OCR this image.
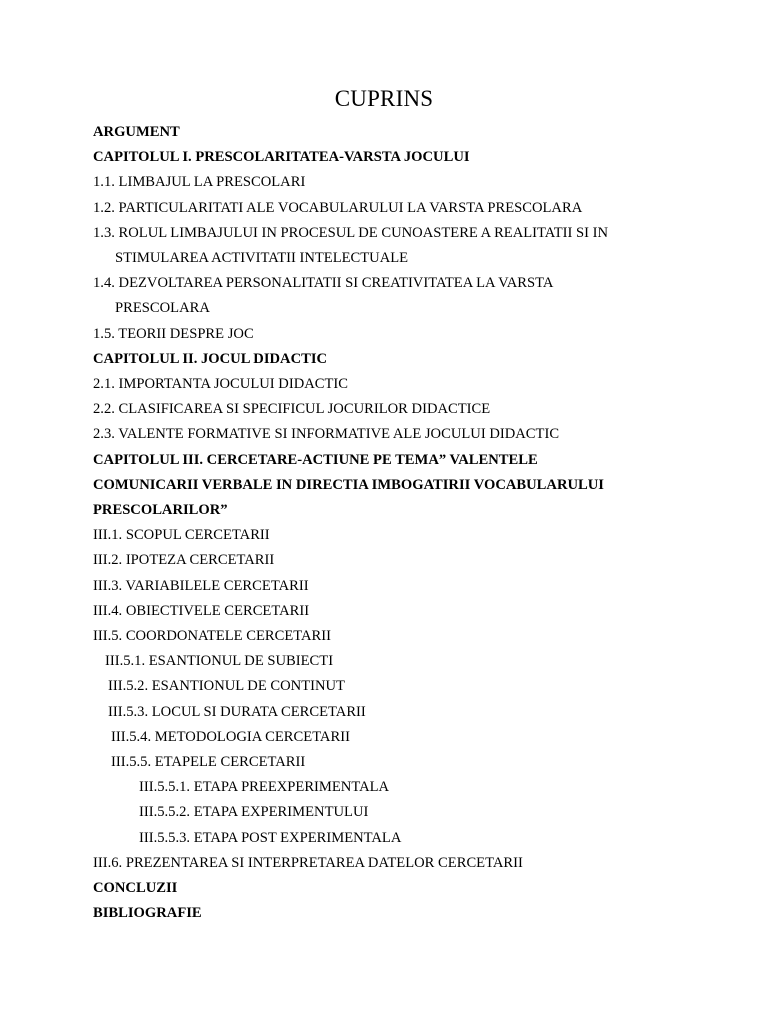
CUPRINS
ARGUMENT
CAPITOLUL I. PRESCOLARITATEA-VARSTA JOCULUI
1.1. LIMBAJUL LA PRESCOLARI
1.2. PARTICULARITATI ALE VOCABULARULUI LA VARSTA PRESCOLARA
1.3. ROLUL LIMBAJULUI IN PROCESUL DE CUNOASTERE A REALITATII SI IN
STIMULAREA ACTIVITATII INTELECTUALE
1.4. DEZVOLTAREA PERSONALITATII SI CREATIVITATEA LA VARSTA
PRESCOLARA
1.5. TEORII DESPRE JOC
CAPITOLUL II. JOCUL DIDACTIC
2.1. IMPORTANTA JOCULUI DIDACTIC
2.2. CLASIFICAREA SI SPECIFICUL JOCURILOR DIDACTICE
2.3. VALENTE FORMATIVE SI INFORMATIVE ALE JOCULUI DIDACTIC
CAPITOLUL III. CERCETARE-ACTIUNE PE TEMA” VALENTELE
COMUNICARII VERBALE IN DIRECTIA IMBOGATIRII VOCABULARULUI
PRESCOLARILOR”
III.1. SCOPUL CERCETARII
III.2. IPOTEZA CERCETARII
III.3. VARIABILELE CERCETARII
III.4. OBIECTIVELE CERCETARII
III.5. COORDONATELE CERCETARII
III.5.1. ESANTIONUL DE SUBIECTI
III.5.2. ESANTIONUL DE CONTINUT
III.5.3. LOCUL SI DURATA CERCETARII
III.5.4. METODOLOGIA CERCETARII
III.5.5. ETAPELE CERCETARII
III.5.5.1. ETAPA PREEXPERIMENTALA
III.5.5.2. ETAPA EXPERIMENTULUI
III.5.5.3. ETAPA POST EXPERIMENTALA
III.6. PREZENTAREA SI INTERPRETAREA DATELOR CERCETARII
CONCLUZII
BIBLIOGRAFIE
